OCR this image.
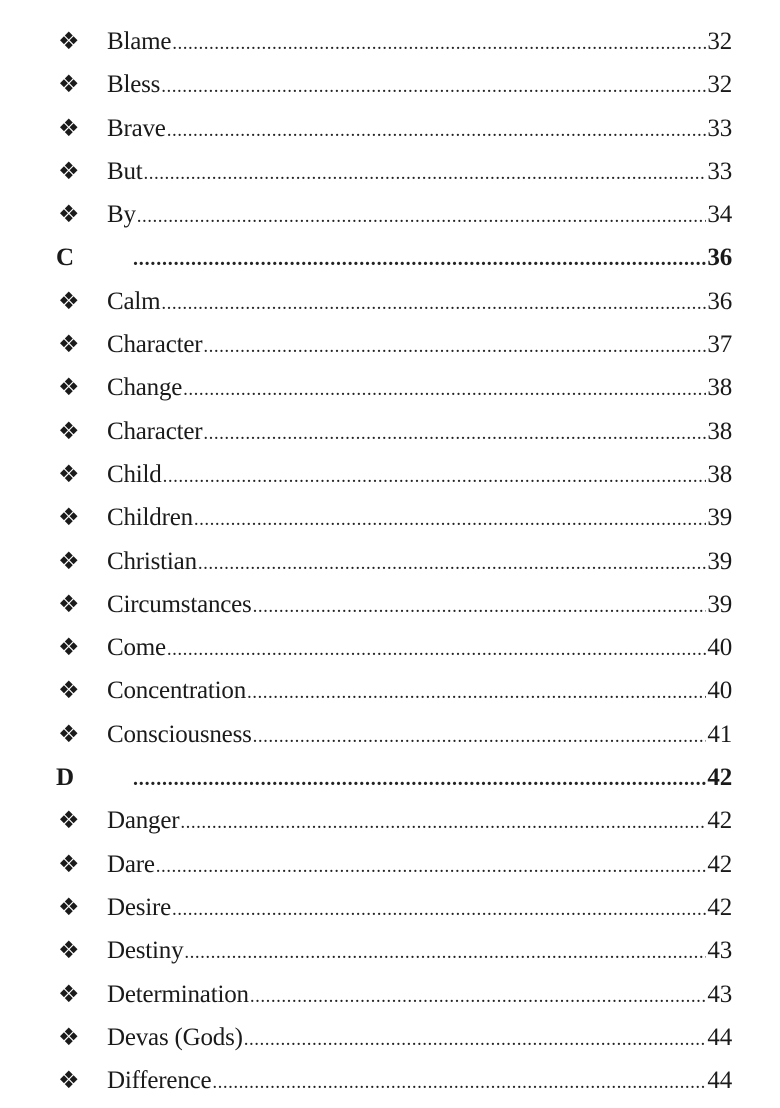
❖ Blame .....	32
❖ Bless .....	32
❖ Brave .....	33
❖ But .....	33
❖ By .....	34
C .....	36
❖ Calm .....	36
❖ Character .....	37
❖ Change .....	38
❖ Character .....	38
❖ Child .....	38
❖ Children .....	39
❖ Christian .....	39
❖ Circumstances .....	39
❖ Come .....	40
❖ Concentration .....	40
❖ Consciousness .....	41
D .....	42
❖ Danger .....	42
❖ Dare .....	42
❖ Desire .....	42
❖ Destiny .....	43
❖ Determination .....	43
❖ Devas (Gods) .....	44
❖ Difference .....	44
